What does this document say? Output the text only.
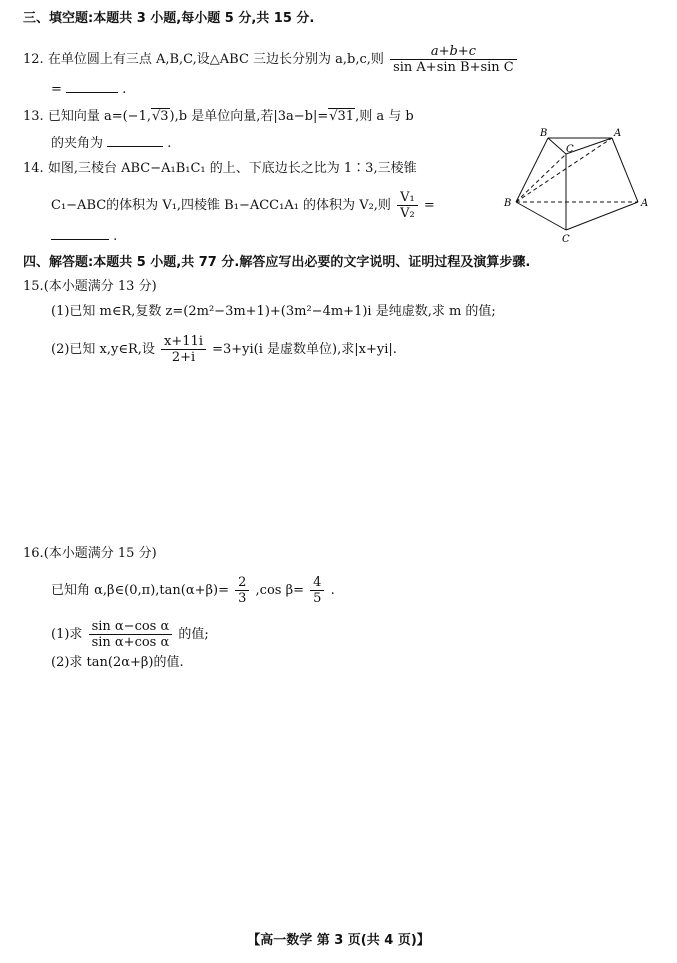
三、填空题:本题共 3 小题,每小题 5 分,共 15 分.
12. 在单位圆上有三点 A,B,C,设△ABC 三边长分别为 a,b,c,则 $\frac{a+b+c}{\text{sin A+sin B+sin C}}$
=	.
13. 已知向量 a=(−1,√3),b 是单位向量,若|3a−b|=√31,则 a 与 b
的夹角为	.
14. 如图,三棱台 ABC−A₁B₁C₁ 的上、下底边长之比为 1∶3,三棱锥
C₁−ABC的体积为 V₁,四棱锥 B₁−ACC₁A₁ 的体积为 V₂,则 $\frac{\text{V₁}}{\text{V₂}}$ =
.
B	A
C
B	A
C
四、解答题:本题共 5 小题,共 77 分.解答应写出必要的文字说明、证明过程及演算步骤.
15.(本小题满分 13 分)
(1)已知 m∈R,复数 z=(2m²−3m+1)+(3m²−4m+1)i 是纯虚数,求 m 的值;
(2)已知 x,y∈R,设 $\frac{x+11i}{2+i} =3+yi(i$ 是虚数单位),求|x+yi|.
16.(本小题满分 15 分)
已知角 α,β∈(0,π),tan(α+β)= $\frac{2}{3} ,\cos$ $\beta= \frac{4}{5}$ .
(1)求 $\frac{\text{sin α−cos α}}{\text{sin α+cos α}}$ 的值;
(2)求 tan(2α+β)的值.
【高一数学 第 3 页(共 4 页)】
